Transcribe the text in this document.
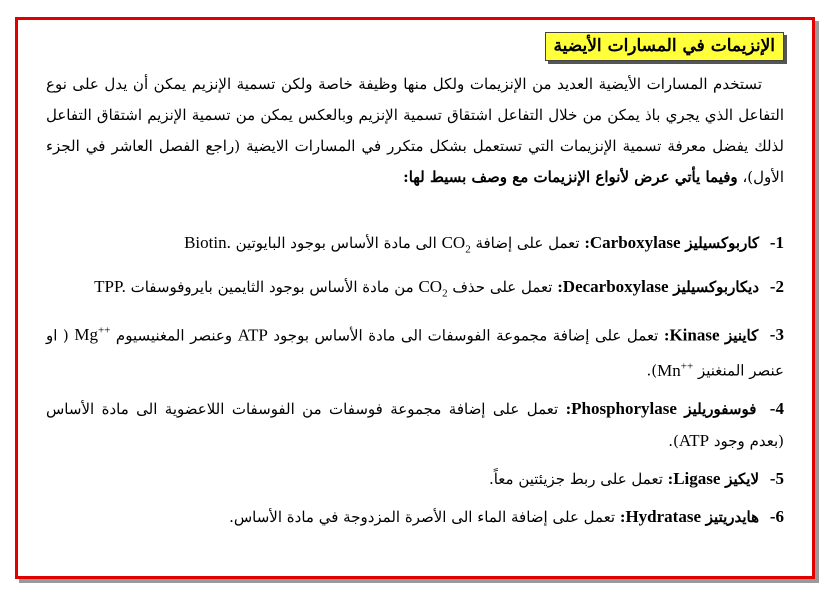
الإنزيمات في المسارات الأيضية

تستخدم المسارات الأيضية العديد من الإنزيمات ولكل منها وظيفة خاصة ولكن تسمية الإنزيم يمكن أن يدل على نوع التفاعل الذي يجري باذ يمكن من خلال التفاعل اشتقاق تسمية الإنزيم وبالعكس يمكن من تسمية الإنزيم اشتقاق التفاعل لذلك يفضل معرفة تسمية الإنزيمات التي تستعمل بشكل متكرر في المسارات الايضية (راجع الفصل العاشر في الجزء الأول)، وفيما يأتي عرض لأنواع الإنزيمات مع وصف بسيط لها:

1- كاربوكسيليز Carboxylase: تعمل على إضافة $CO_2$ الى مادة الأساس بوجود البايوتين Biotin.

2- ديكاربوكسيليز Decarboxylase: تعمل على حذف $CO_2$ من مادة الأساس بوجود الثايمين بايروفوسفات TPP.

3- كاينيز Kinase: تعمل على إضافة مجموعة الفوسفات الى مادة الأساس بوجود ATP وعنصر المغنيسيوم Mg++ ( او عنصر المنغنيز Mn++).

4- فوسفوريليز Phosphorylase: تعمل على إضافة مجموعة فوسفات من الفوسفات اللاعضوية الى مادة الأساس (بعدم وجود ATP).

5- لايكيز Ligase: تعمل على ربط جزيئتين معاً.

6- هايدريتيز Hydratase: تعمل على إضافة الماء الى الأصرة المزدوجة في مادة الأساس.
